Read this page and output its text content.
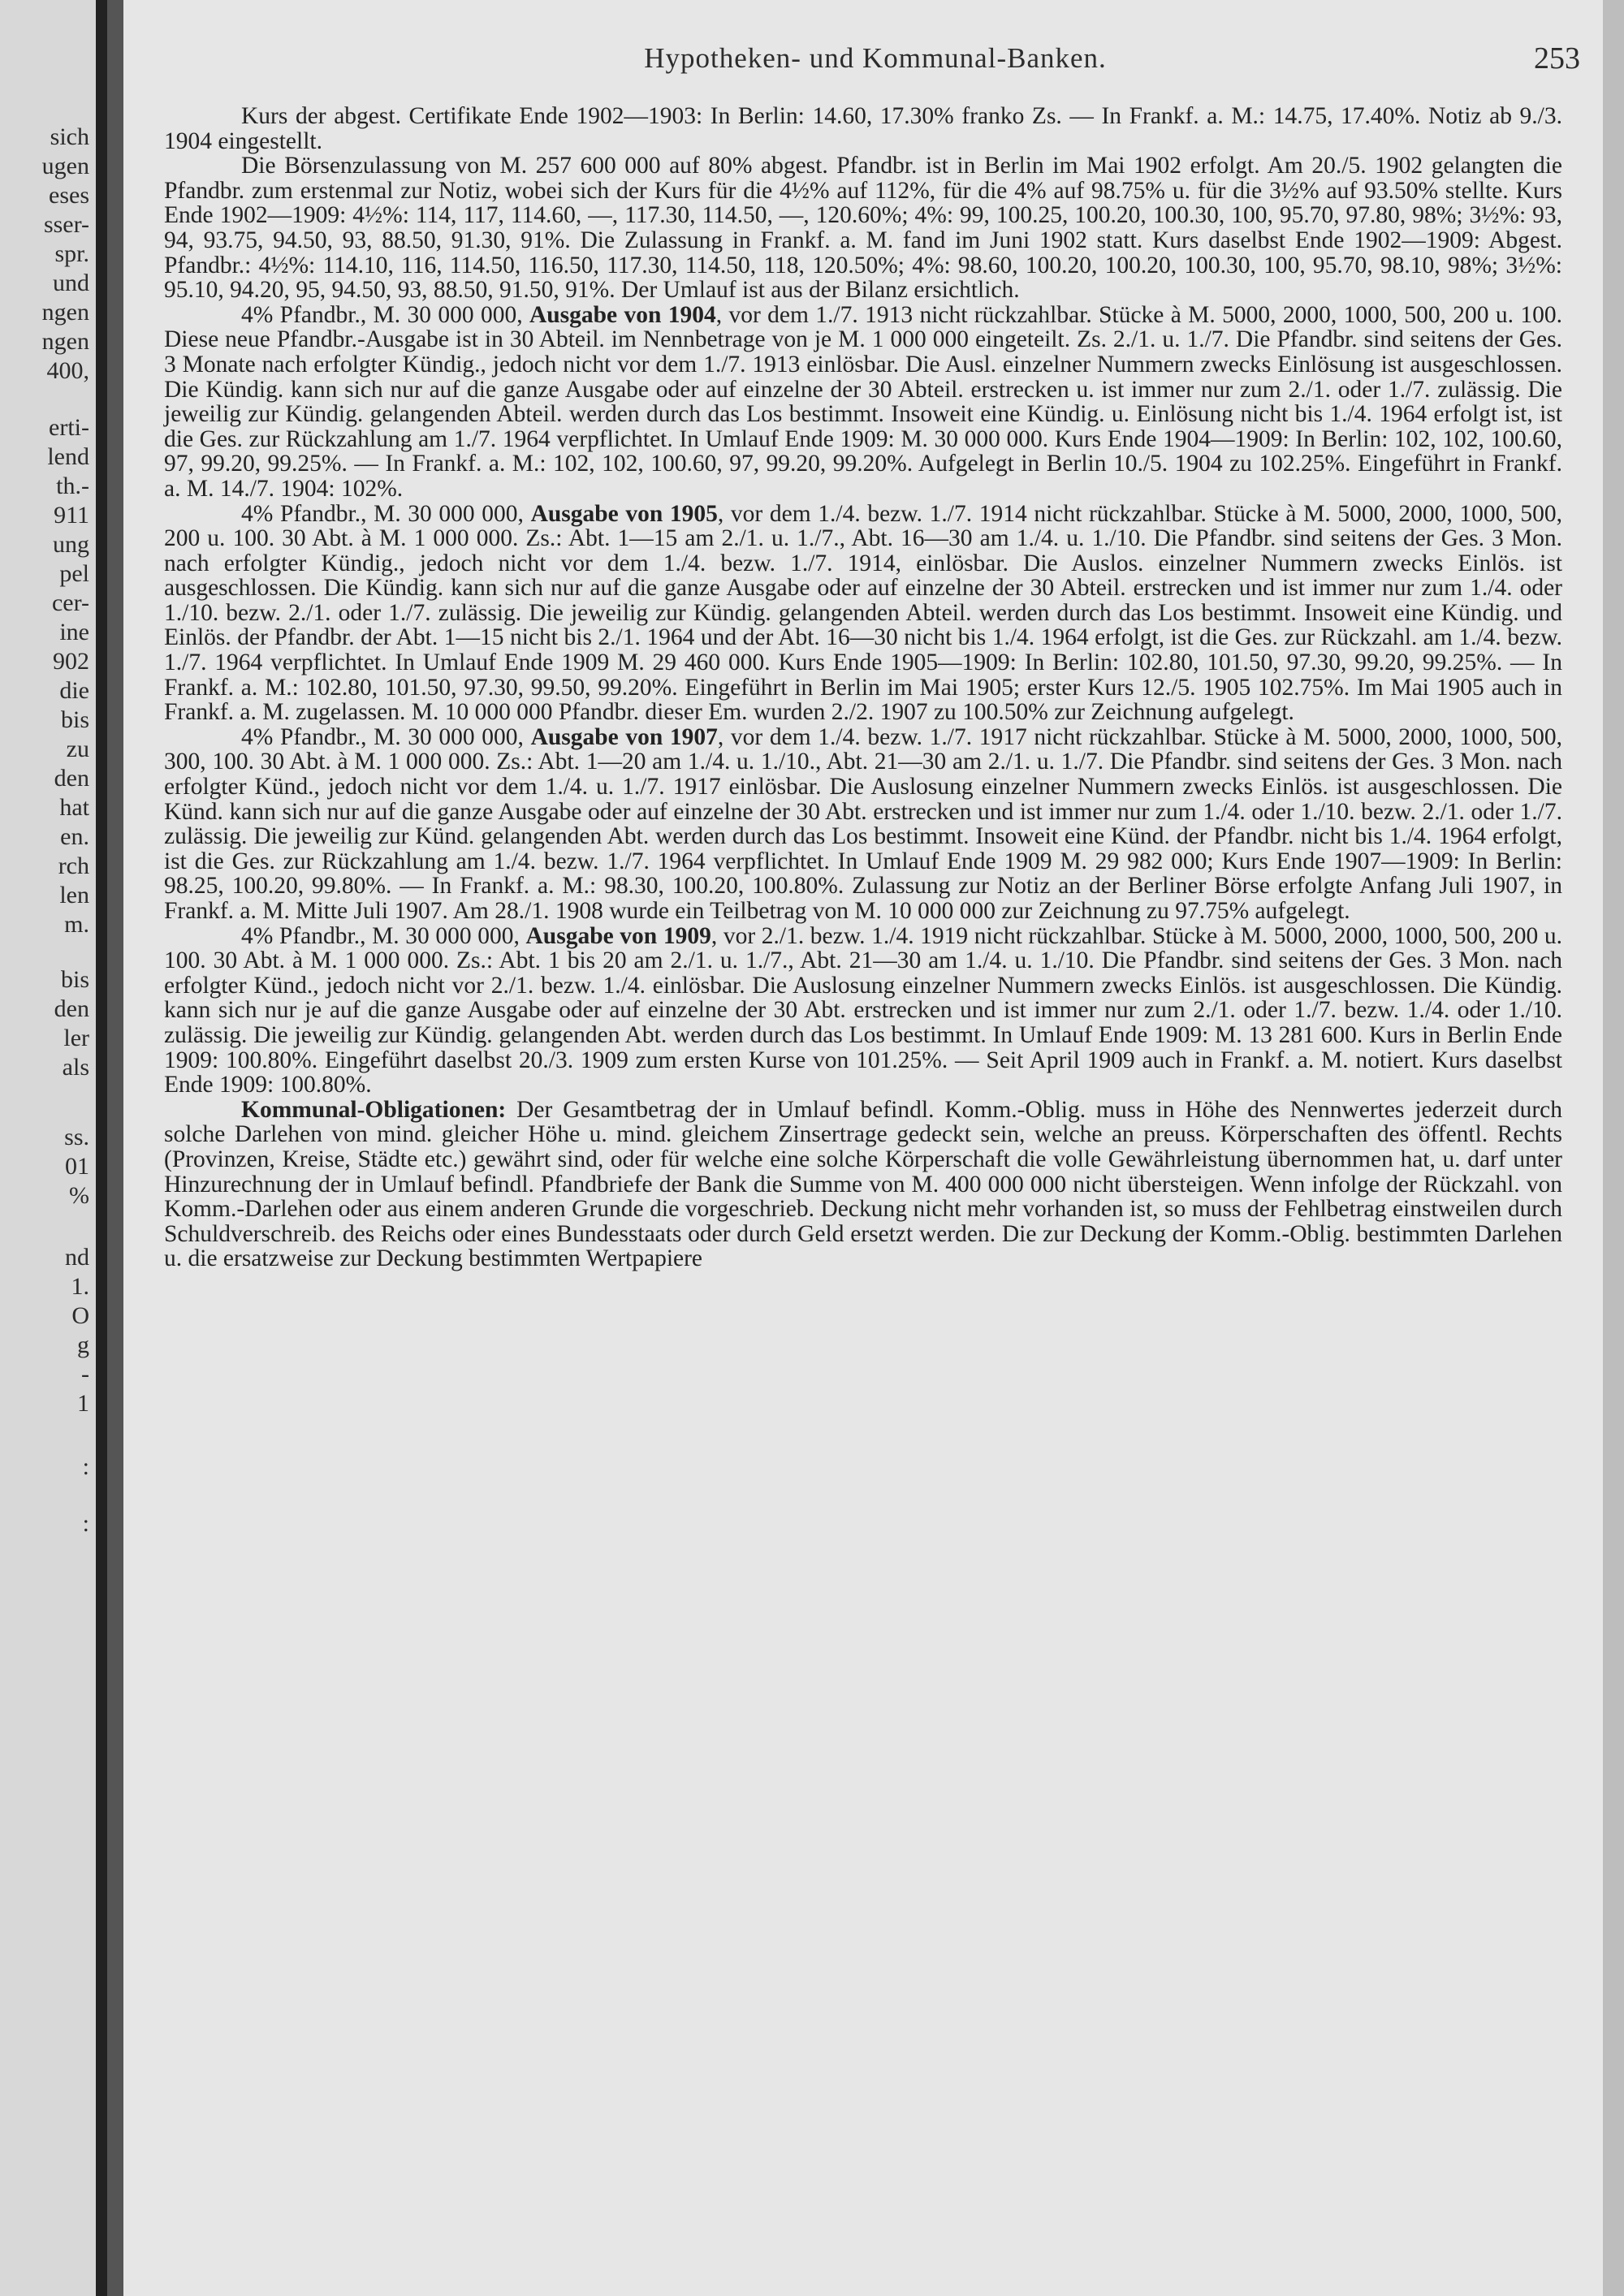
sich
ugen
eses
sser-
spr.
und
ngen
ngen
400,
erti-
lend
th.-
911
ung
pel
cer-
ine
902
die
bis
zu
den
hat
en.
rch
len
m.
bis
den
ler
als
ss.
01
%
nd
1.
O
g
-
1
:
:
Hypotheken- und Kommunal-Banken.	253

Kurs der abgest. Certifikate Ende 1902—1903: In Berlin: 14.60, 17.30% franko Zs. — In Frankf. a. M.: 14.75, 17.40%. Notiz ab 9./3. 1904 eingestellt.

Die Börsenzulassung von M. 257 600 000 auf 80% abgest. Pfandbr. ist in Berlin im Mai 1902 erfolgt. Am 20./5. 1902 gelangten die Pfandbr. zum erstenmal zur Notiz, wobei sich der Kurs für die 4½% auf 112%, für die 4% auf 98.75% u. für die 3½% auf 93.50% stellte. Kurs Ende 1902—1909: 4½%: 114, 117, 114.60, —, 117.30, 114.50, —, 120.60%; 4%: 99, 100.25, 100.20, 100.30, 100, 95.70, 97.80, 98%; 3½%: 93, 94, 93.75, 94.50, 93, 88.50, 91.30, 91%. Die Zulassung in Frankf. a. M. fand im Juni 1902 statt. Kurs daselbst Ende 1902—1909: Abgest. Pfandbr.: 4½%: 114.10, 116, 114.50, 116.50, 117.30, 114.50, 118, 120.50%; 4%: 98.60, 100.20, 100.20, 100.30, 100, 95.70, 98.10, 98%; 3½%: 95.10, 94.20, 95, 94.50, 93, 88.50, 91.50, 91%. Der Umlauf ist aus der Bilanz ersichtlich.

4% Pfandbr., M. 30 000 000, Ausgabe von 1904, vor dem 1./7. 1913 nicht rückzahlbar. Stücke à M. 5000, 2000, 1000, 500, 200 u. 100. Diese neue Pfandbr.-Ausgabe ist in 30 Abteil. im Nennbetrage von je M. 1 000 000 eingeteilt. Zs. 2./1. u. 1./7. Die Pfandbr. sind seitens der Ges. 3 Monate nach erfolgter Kündig., jedoch nicht vor dem 1./7. 1913 einlösbar. Die Ausl. einzelner Nummern zwecks Einlösung ist ausgeschlossen. Die Kündig. kann sich nur auf die ganze Ausgabe oder auf einzelne der 30 Abteil. erstrecken u. ist immer nur zum 2./1. oder 1./7. zulässig. Die jeweilig zur Kündig. gelangenden Abteil. werden durch das Los bestimmt. Insoweit eine Kündig. u. Einlösung nicht bis 1./4. 1964 erfolgt ist, ist die Ges. zur Rückzahlung am 1./7. 1964 verpflichtet. In Umlauf Ende 1909: M. 30 000 000. Kurs Ende 1904—1909: In Berlin: 102, 102, 100.60, 97, 99.20, 99.25%. — In Frankf. a. M.: 102, 102, 100.60, 97, 99.20, 99.20%. Aufgelegt in Berlin 10./5. 1904 zu 102.25%. Eingeführt in Frankf. a. M. 14./7. 1904: 102%.

4% Pfandbr., M. 30 000 000, Ausgabe von 1905, vor dem 1./4. bezw. 1./7. 1914 nicht rückzahlbar. Stücke à M. 5000, 2000, 1000, 500, 200 u. 100. 30 Abt. à M. 1 000 000. Zs.: Abt. 1—15 am 2./1. u. 1./7., Abt. 16—30 am 1./4. u. 1./10. Die Pfandbr. sind seitens der Ges. 3 Mon. nach erfolgter Kündig., jedoch nicht vor dem 1./4. bezw. 1./7. 1914, einlösbar. Die Auslos. einzelner Nummern zwecks Einlös. ist ausgeschlossen. Die Kündig. kann sich nur auf die ganze Ausgabe oder auf einzelne der 30 Abteil. erstrecken und ist immer nur zum 1./4. oder 1./10. bezw. 2./1. oder 1./7. zulässig. Die jeweilig zur Kündig. gelangenden Abteil. werden durch das Los bestimmt. Insoweit eine Kündig. und Einlös. der Pfandbr. der Abt. 1—15 nicht bis 2./1. 1964 und der Abt. 16—30 nicht bis 1./4. 1964 erfolgt, ist die Ges. zur Rückzahl. am 1./4. bezw. 1./7. 1964 verpflichtet. In Umlauf Ende 1909 M. 29 460 000. Kurs Ende 1905—1909: In Berlin: 102.80, 101.50, 97.30, 99.20, 99.25%. — In Frankf. a. M.: 102.80, 101.50, 97.30, 99.50, 99.20%. Eingeführt in Berlin im Mai 1905; erster Kurs 12./5. 1905 102.75%. Im Mai 1905 auch in Frankf. a. M. zugelassen. M. 10 000 000 Pfandbr. dieser Em. wurden 2./2. 1907 zu 100.50% zur Zeichnung aufgelegt.

4% Pfandbr., M. 30 000 000, Ausgabe von 1907, vor dem 1./4. bezw. 1./7. 1917 nicht rückzahlbar. Stücke à M. 5000, 2000, 1000, 500, 300, 100. 30 Abt. à M. 1 000 000. Zs.: Abt. 1—20 am 1./4. u. 1./10., Abt. 21—30 am 2./1. u. 1./7. Die Pfandbr. sind seitens der Ges. 3 Mon. nach erfolgter Künd., jedoch nicht vor dem 1./4. u. 1./7. 1917 einlösbar. Die Auslosung einzelner Nummern zwecks Einlös. ist ausgeschlossen. Die Künd. kann sich nur auf die ganze Ausgabe oder auf einzelne der 30 Abt. erstrecken und ist immer nur zum 1./4. oder 1./10. bezw. 2./1. oder 1./7. zulässig. Die jeweilig zur Künd. gelangenden Abt. werden durch das Los bestimmt. Insoweit eine Künd. der Pfandbr. nicht bis 1./4. 1964 erfolgt, ist die Ges. zur Rückzahlung am 1./4. bezw. 1./7. 1964 verpflichtet. In Umlauf Ende 1909 M. 29 982 000; Kurs Ende 1907—1909: In Berlin: 98.25, 100.20, 99.80%. — In Frankf. a. M.: 98.30, 100.20, 100.80%. Zulassung zur Notiz an der Berliner Börse erfolgte Anfang Juli 1907, in Frankf. a. M. Mitte Juli 1907. Am 28./1. 1908 wurde ein Teilbetrag von M. 10 000 000 zur Zeichnung zu 97.75% aufgelegt.

4% Pfandbr., M. 30 000 000, Ausgabe von 1909, vor 2./1. bezw. 1./4. 1919 nicht rückzahlbar. Stücke à M. 5000, 2000, 1000, 500, 200 u. 100. 30 Abt. à M. 1 000 000. Zs.: Abt. 1 bis 20 am 2./1. u. 1./7., Abt. 21—30 am 1./4. u. 1./10. Die Pfandbr. sind seitens der Ges. 3 Mon. nach erfolgter Künd., jedoch nicht vor 2./1. bezw. 1./4. einlösbar. Die Auslosung einzelner Nummern zwecks Einlös. ist ausgeschlossen. Die Kündig. kann sich nur je auf die ganze Ausgabe oder auf einzelne der 30 Abt. erstrecken und ist immer nur zum 2./1. oder 1./7. bezw. 1./4. oder 1./10. zulässig. Die jeweilig zur Kündig. gelangenden Abt. werden durch das Los bestimmt. In Umlauf Ende 1909: M. 13 281 600. Kurs in Berlin Ende 1909: 100.80%. Eingeführt daselbst 20./3. 1909 zum ersten Kurse von 101.25%. — Seit April 1909 auch in Frankf. a. M. notiert. Kurs daselbst Ende 1909: 100.80%.

Kommunal-Obligationen: Der Gesamtbetrag der in Umlauf befindl. Komm.-Oblig. muss in Höhe des Nennwertes jederzeit durch solche Darlehen von mind. gleicher Höhe u. mind. gleichem Zinsertrage gedeckt sein, welche an preuss. Körperschaften des öffentl. Rechts (Provinzen, Kreise, Städte etc.) gewährt sind, oder für welche eine solche Körperschaft die volle Gewährleistung übernommen hat, u. darf unter Hinzurechnung der in Umlauf befindl. Pfandbriefe der Bank die Summe von M. 400 000 000 nicht übersteigen. Wenn infolge der Rückzahl. von Komm.-Darlehen oder aus einem anderen Grunde die vorgeschrieb. Deckung nicht mehr vorhanden ist, so muss der Fehlbetrag einstweilen durch Schuldverschreib. des Reichs oder eines Bundesstaats oder durch Geld ersetzt werden. Die zur Deckung der Komm.-Oblig. bestimmten Darlehen u. die ersatzweise zur Deckung bestimmten Wertpapiere
